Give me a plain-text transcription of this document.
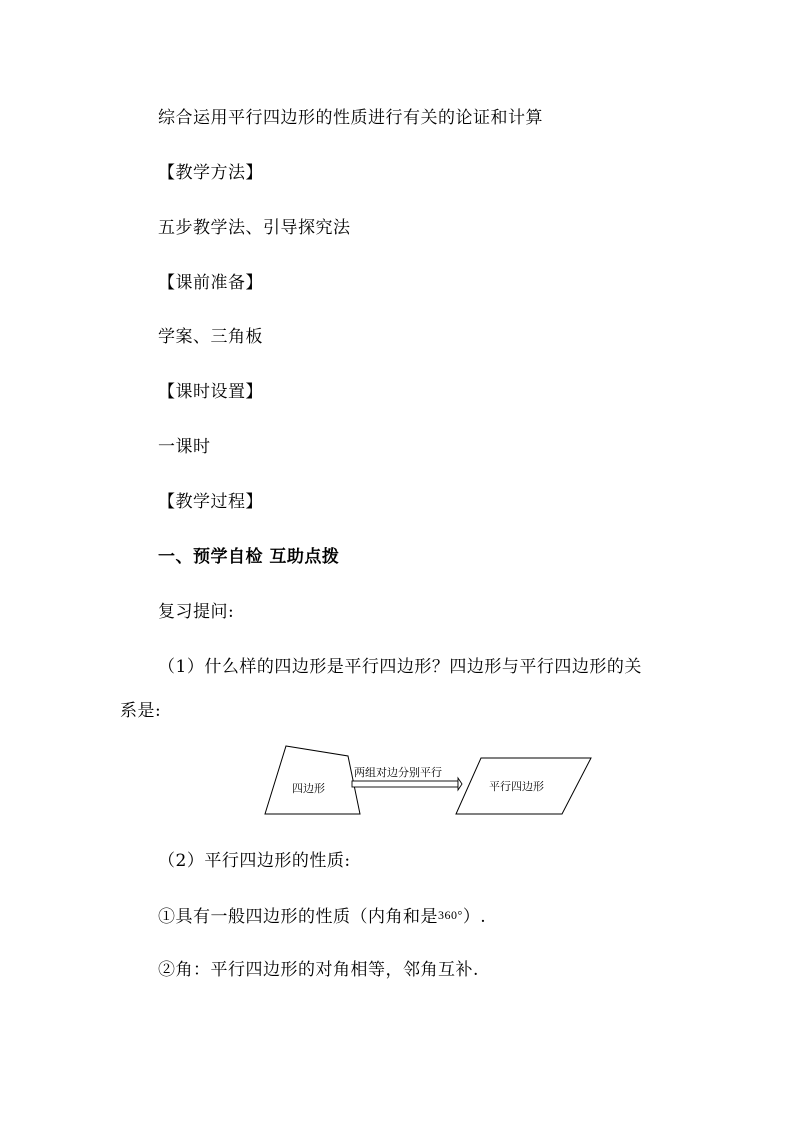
综合运用平行四边形的性质进行有关的论证和计算
【教学方法】
五步教学法、引导探究法
【课前准备】
学案、三角板
【课时设置】
一课时
【教学过程】
一、预学自检 互助点拨
复习提问:
（1）什么样的四边形是平行四边形？四边形与平行四边形的关
系是:
四边形
两组对边分别平行
平行四边形
（2）平行四边形的性质:
①具有一般四边形的性质（内角和是$^{360^\circ}$）.
②角：平行四边形的对角相等，邻角互补.
